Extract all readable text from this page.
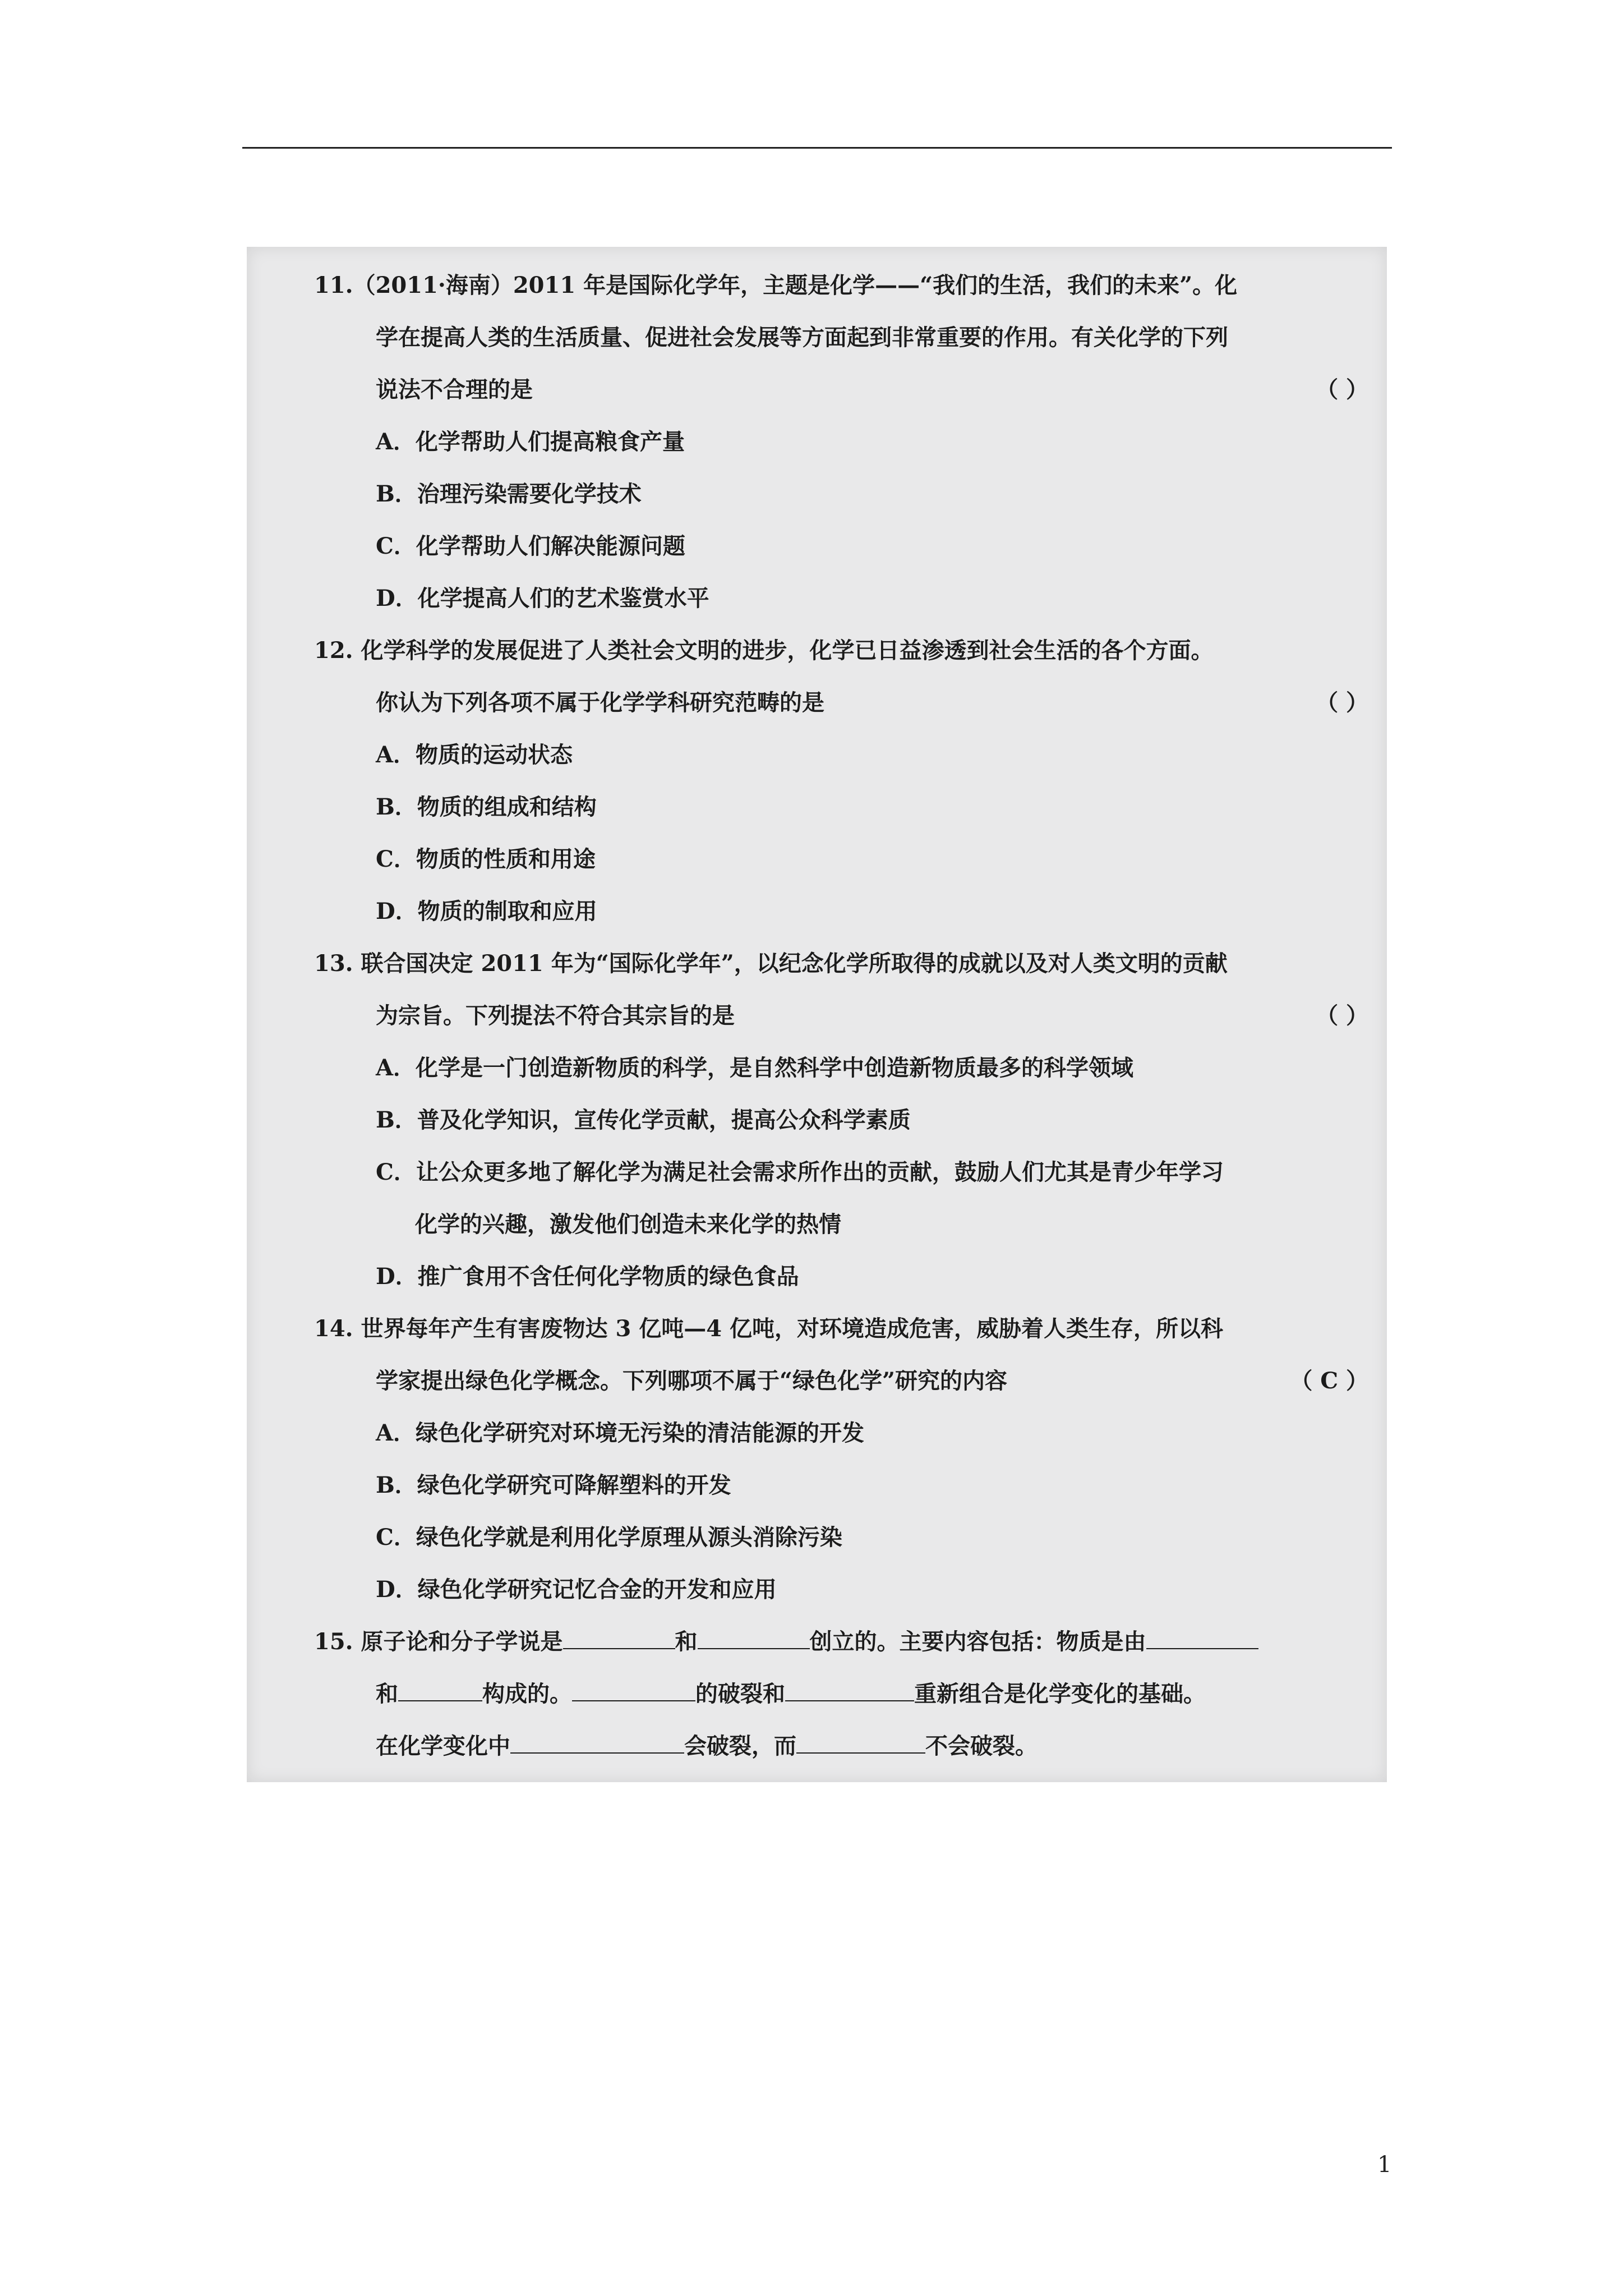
11.（2011·海南）2011 年是国际化学年，主题是化学——“我们的生活，我们的未来”。化
学在提高人类的生活质量、促进社会发展等方面起到非常重要的作用。有关化学的下列
说法不合理的是	（ ）
A．化学帮助人们提高粮食产量
B．治理污染需要化学技术
C．化学帮助人们解决能源问题
D．化学提高人们的艺术鉴赏水平
12. 化学科学的发展促进了人类社会文明的进步，化学已日益渗透到社会生活的各个方面。
你认为下列各项不属于化学学科研究范畴的是	（ ）
A．物质的运动状态
B．物质的组成和结构
C．物质的性质和用途
D．物质的制取和应用
13. 联合国决定 2011 年为“国际化学年”，以纪念化学所取得的成就以及对人类文明的贡献
为宗旨。下列提法不符合其宗旨的是	（ ）
A．化学是一门创造新物质的科学，是自然科学中创造新物质最多的科学领域
B．普及化学知识，宣传化学贡献，提高公众科学素质
C．让公众更多地了解化学为满足社会需求所作出的贡献，鼓励人们尤其是青少年学习
化学的兴趣，激发他们创造未来化学的热情
D．推广食用不含任何化学物质的绿色食品
14. 世界每年产生有害废物达 3 亿吨—4 亿吨，对环境造成危害，威胁着人类生存，所以科
学家提出绿色化学概念。下列哪项不属于“绿色化学”研究的内容	（ C ）
A．绿色化学研究对环境无污染的清洁能源的开发
B．绿色化学研究可降解塑料的开发
C．绿色化学就是利用化学原理从源头消除污染
D．绿色化学研究记忆合金的开发和应用
15. 原子论和分子学说是	和	创立的。主要内容包括：物质是由
和	构成的。	的破裂和	重新组合是化学变化的基础。
在化学变化中	会破裂，而	不会破裂。
1
